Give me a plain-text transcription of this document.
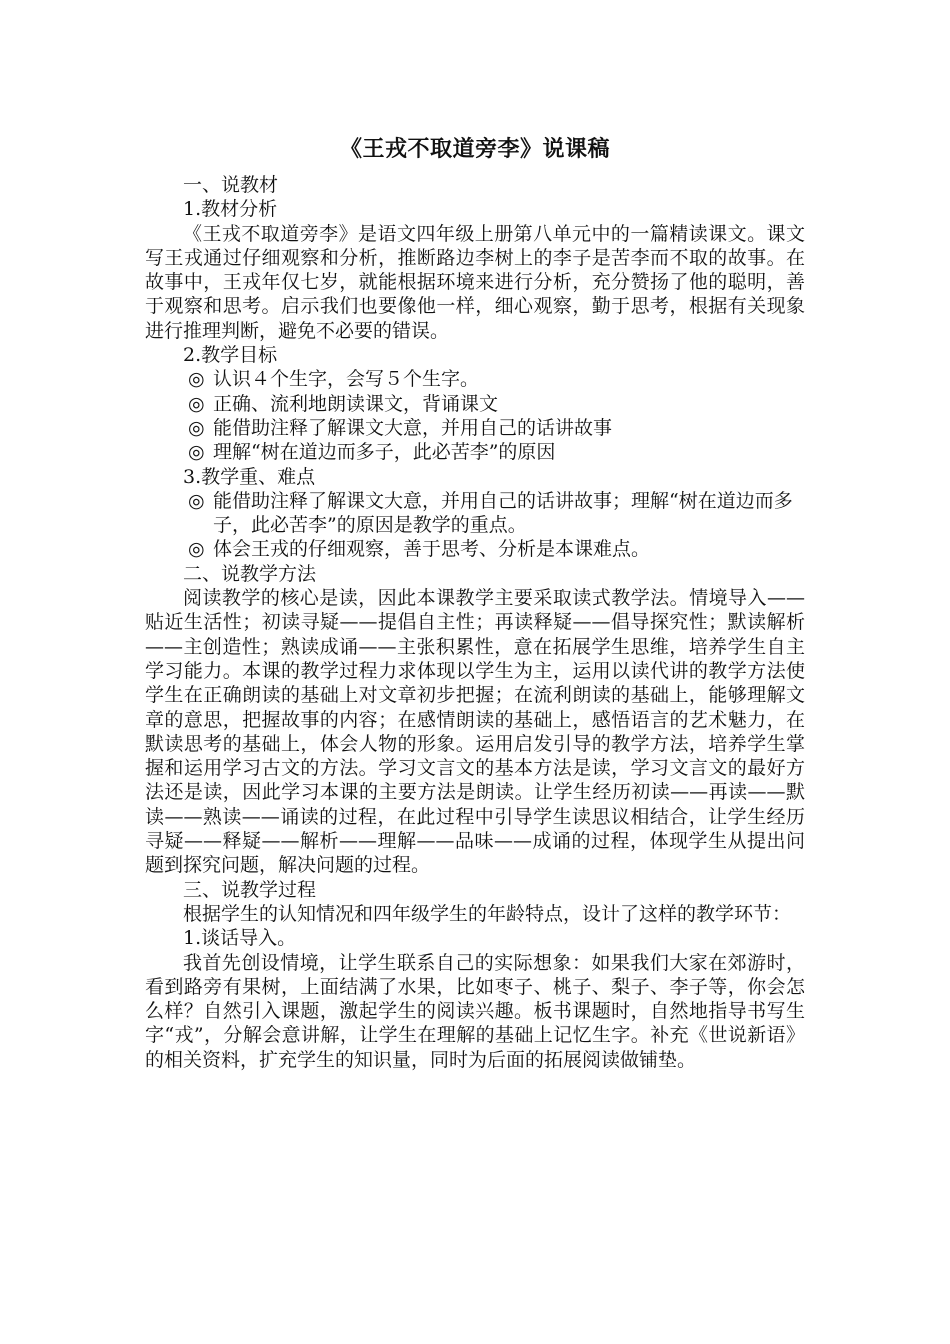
《王戎不取道旁李》说课稿
一、说教材
1.教材分析

《王戎不取道旁李》是语文四年级上册第八单元中的一篇精读课文。课文写王戎通过仔细观察和分析，推断路边李树上的李子是苦李而不取的故事。在故事中，王戎年仅七岁，就能根据环境来进行分析，充分赞扬了他的聪明，善于观察和思考。启示我们也要像他一样，细心观察，勤于思考，根据有关现象进行推理判断，避免不必要的错误。

2.教学目标
◎ 认识４个生字，会写５个生字。
◎ 正确、流利地朗读课文，背诵课文
◎ 能借助注释了解课文大意，并用自己的话讲故事
◎ 理解“树在道边而多子，此必苦李”的原因
3.教学重、难点
◎ 能借助注释了解课文大意，并用自己的话讲故事；理解“树在道边而多子，此必苦李”的原因是教学的重点。
◎ 体会王戎的仔细观察，善于思考、分析是本课难点。
二、说教学方法

阅读教学的核心是读，因此本课教学主要采取读式教学法。情境导入——贴近生活性；初读寻疑——提倡自主性；再读释疑——倡导探究性；默读解析——主创造性；熟读成诵——主张积累性，意在拓展学生思维，培养学生自主学习能力。本课的教学过程力求体现以学生为主，运用以读代讲的教学方法使学生在正确朗读的基础上对文章初步把握；在流利朗读的基础上，能够理解文章的意思，把握故事的内容；在感情朗读的基础上，感悟语言的艺术魅力，在默读思考的基础上，体会人物的形象。运用启发引导的教学方法，培养学生掌握和运用学习古文的方法。学习文言文的基本方法是读，学习文言文的最好方法还是读，因此学习本课的主要方法是朗读。让学生经历初读——再读——默读——熟读——诵读的过程，在此过程中引导学生读思议相结合，让学生经历寻疑——释疑——解析——理解——品味——成诵的过程，体现学生从提出问题到探究问题，解决问题的过程。

三、说教学过程

根据学生的认知情况和四年级学生的年龄特点，设计了这样的教学环节：

1.谈话导入。

我首先创设情境，让学生联系自己的实际想象：如果我们大家在郊游时，看到路旁有果树，上面结满了水果，比如枣子、桃子、梨子、李子等，你会怎么样？自然引入课题，激起学生的阅读兴趣。板书课题时，自然地指导书写生字“戎”，分解会意讲解，让学生在理解的基础上记忆生字。补充《世说新语》的相关资料，扩充学生的知识量，同时为后面的拓展阅读做铺垫。
